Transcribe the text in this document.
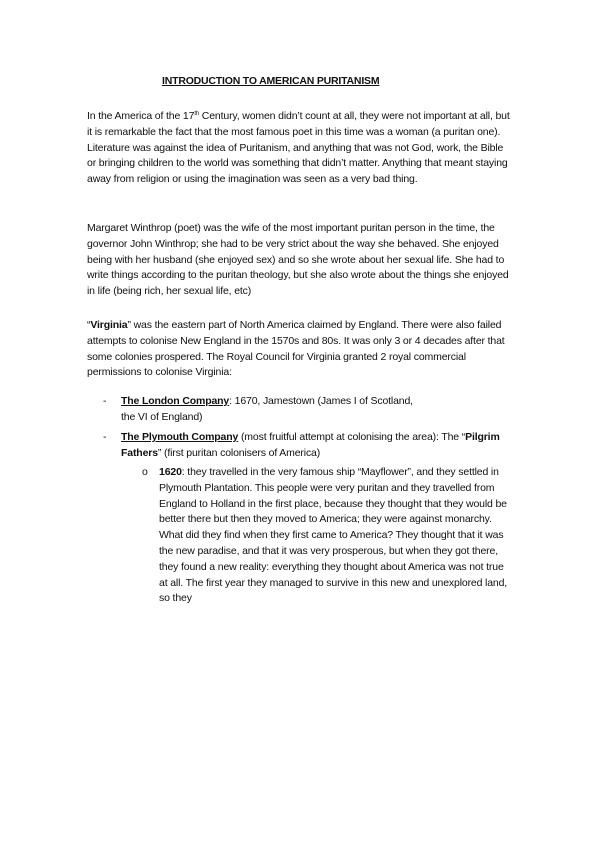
INTRODUCTION TO AMERICAN PURITANISM
In the America of the 17th Century, women didn’t count at all, they were not important at all, but it is remarkable the fact that the most famous poet in this time was a woman (a puritan one). Literature was against the idea of Puritanism, and anything that was not God, work, the Bible or bringing children to the world was something that didn’t matter. Anything that meant staying away from religion or using the imagination was seen as a very bad thing.
Margaret Winthrop (poet) was the wife of the most important puritan person in the time, the governor John Winthrop; she had to be very strict about the way she behaved. She enjoyed being with her husband (she enjoyed sex) and so she wrote about her sexual life. She had to write things according to the puritan theology, but she also wrote about the things she enjoyed in life (being rich, her sexual life, etc)
“Virginia” was the eastern part of North America claimed by England. There were also failed attempts to colonise New England in the 1570s and 80s. It was only 3 or 4 decades after that some colonies prospered. The Royal Council for Virginia granted 2 royal commercial permissions to colonise Virginia:
- The London Company: 1670, Jamestown (James I of Scotland, the VI of England)
- The Plymouth Company (most fruitful attempt at colonising the area): The “Pilgrim Fathers” (first puritan colonisers of America)
o 1620: they travelled in the very famous ship “Mayflower”, and they settled in Plymouth Plantation. This people were very puritan and they travelled from England to Holland in the first place, because they thought that they would be better there but then they moved to America; they were against monarchy. What did they find when they first came to America? They thought that it was the new paradise, and that it was very prosperous, but when they got there, they found a new reality: everything they thought about America was not true at all. The first year they managed to survive in this new and unexplored land, so they
